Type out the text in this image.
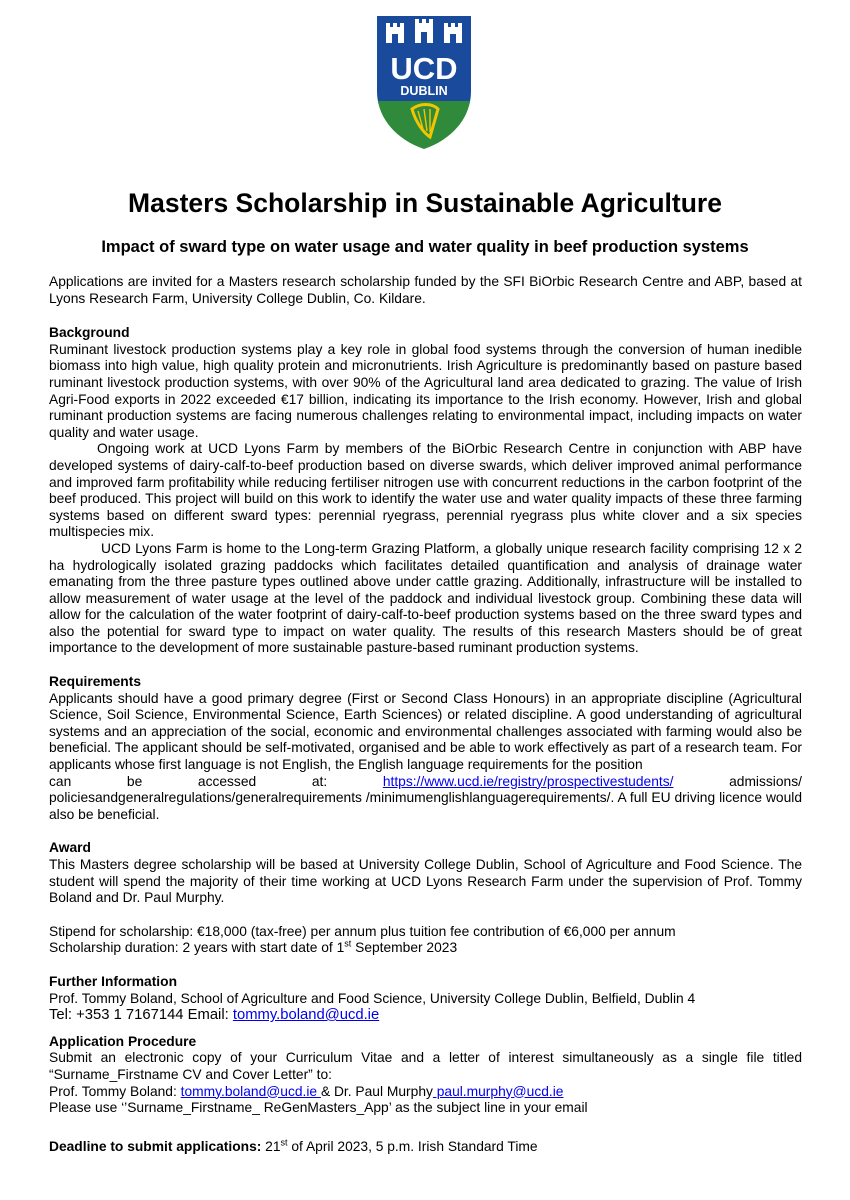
UCD
DUBLIN
Masters Scholarship in Sustainable Agriculture
Impact of sward type on water usage and water quality in beef production systems

Applications are invited for a Masters research scholarship funded by the SFI BiOrbic Research Centre and ABP, based at Lyons Research Farm, University College Dublin, Co. Kildare.

Background

Ruminant livestock production systems play a key role in global food systems through the conversion of human inedible biomass into high value, high quality protein and micronutrients. Irish Agriculture is predominantly based on pasture based ruminant livestock production systems, with over 90% of the Agricultural land area dedicated to grazing. The value of Irish Agri-Food exports in 2022 exceeded €17 billion, indicating its importance to the Irish economy. However, Irish and global ruminant production systems are facing numerous challenges relating to environmental impact, including impacts on water quality and water usage.

Ongoing work at UCD Lyons Farm by members of the BiOrbic Research Centre in conjunction with ABP have developed systems of dairy-calf-to-beef production based on diverse swards, which deliver improved animal performance and improved farm profitability while reducing fertiliser nitrogen use with concurrent reductions in the carbon footprint of the beef produced. This project will build on this work to identify the water use and water quality impacts of these three farming systems based on different sward types: perennial ryegrass, perennial ryegrass plus white clover and a six species multispecies mix.

UCD Lyons Farm is home to the Long-term Grazing Platform, a globally unique research facility comprising 12 x 2 ha hydrologically isolated grazing paddocks which facilitates detailed quantification and analysis of drainage water emanating from the three pasture types outlined above under cattle grazing. Additionally, infrastructure will be installed to allow measurement of water usage at the level of the paddock and individual livestock group. Combining these data will allow for the calculation of the water footprint of dairy-calf-to-beef production systems based on the three sward types and also the potential for sward type to impact on water quality. The results of this research Masters should be of great importance to the development of more sustainable pasture-based ruminant production systems.

Requirements

Applicants should have a good primary degree (First or Second Class Honours) in an appropriate discipline (Agricultural Science, Soil Science, Environmental Science, Earth Sciences) or related discipline. A good understanding of agricultural systems and an appreciation of the social, economic and environmental challenges associated with farming would also be beneficial. The applicant should be self-motivated, organised and be able to work effectively as part of a research team. For applicants whose first language is not English, the English language requirements for the position

can	be	accessed	at:	https://www.ucd.ie/registry/prospectivestudents/	admissions/

policiesandgeneralregulations/generalrequirements /minimumenglishlanguagerequirements/. A full EU driving licence would also be beneficial.

Award

This Masters degree scholarship will be based at University College Dublin, School of Agriculture and Food Science. The student will spend the majority of their time working at UCD Lyons Research Farm under the supervision of Prof. Tommy Boland and Dr. Paul Murphy.

Stipend for scholarship: €18,000 (tax-free) per annum plus tuition fee contribution of €6,000 per annum

Scholarship duration: 2 years with start date of 1st September 2023

Further Information

Prof. Tommy Boland, School of Agriculture and Food Science, University College Dublin, Belfield, Dublin 4

Tel: +353 1 7167144 Email: tommy.boland@ucd.ie

Application Procedure

Submit an electronic copy of your Curriculum Vitae and a letter of interest simultaneously as a single file titled “Surname_Firstname CV and Cover Letter” to:

Prof. Tommy Boland: tommy.boland@ucd.ie & Dr. Paul Murphy paul.murphy@ucd.ie

Please use ‘’Surname_Firstname_ ReGenMasters_App’ as the subject line in your email

Deadline to submit applications: 21st of April 2023, 5 p.m. Irish Standard Time
